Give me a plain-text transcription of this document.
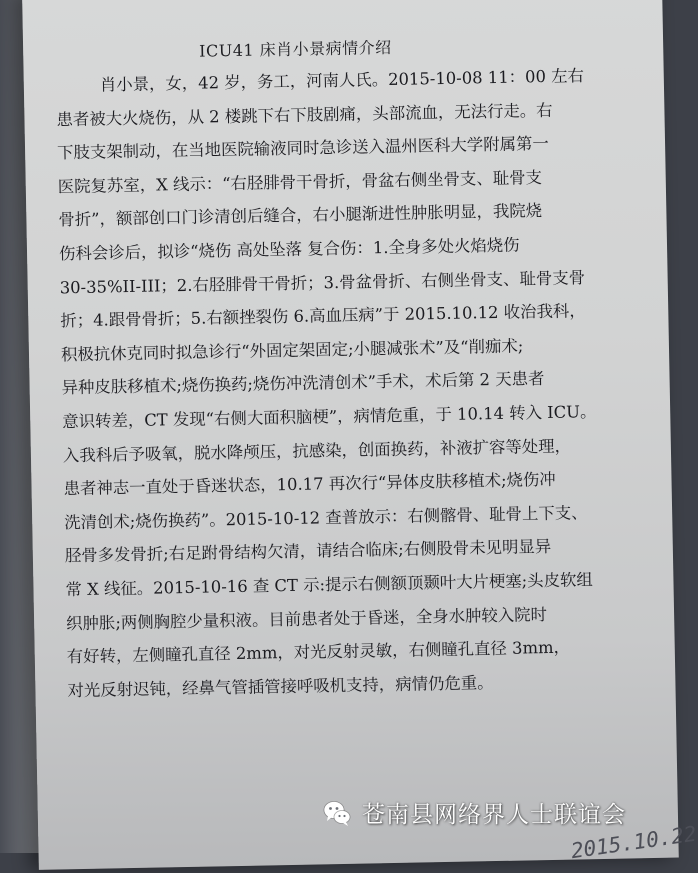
ICU41 床肖小景病情介绍
肖小景，女，42 岁，务工，河南人氏。2015-10-08 11：00 左右
患者被大火烧伤，从 2 楼跳下右下肢剧痛，头部流血，无法行走。右
下肢支架制动，在当地医院输液同时急诊送入温州医科大学附属第一
医院复苏室，X 线示：“右胫腓骨干骨折，骨盆右侧坐骨支、耻骨支
骨折”，额部创口门诊清创后缝合，右小腿渐进性肿胀明显，我院烧
伤科会诊后，拟诊“烧伤 高处坠落 复合伤：1.全身多处火焰烧伤
30-35%II-III；2.右胫腓骨干骨折；3.骨盆骨折、右侧坐骨支、耻骨支骨
折；4.跟骨骨折；5.右额挫裂伤 6.高血压病”于 2015.10.12 收治我科，
积极抗休克同时拟急诊行“外固定架固定;小腿减张术”及“削痂术;
异种皮肤移植术;烧伤换药;烧伤冲洗清创术”手术，术后第 2 天患者
意识转差，CT 发现“右侧大面积脑梗”，病情危重，于 10.14 转入 ICU。
入我科后予吸氧，脱水降颅压，抗感染，创面换药，补液扩容等处理，
患者神志一直处于昏迷状态，10.17 再次行“异体皮肤移植术;烧伤冲
洗清创术;烧伤换药”。2015-10-12 查普放示：右侧髂骨、耻骨上下支、
胫骨多发骨折;右足跗骨结构欠清，请结合临床;右侧股骨未见明显异
常 X 线征。2015-10-16 查 CT 示:提示右侧额顶颞叶大片梗塞;头皮软组
织肿胀;两侧胸腔少量积液。目前患者处于昏迷，全身水肿较入院时
有好转，左侧瞳孔直径 2mm，对光反射灵敏，右侧瞳孔直径 3mm，
对光反射迟钝，经鼻气管插管接呼吸机支持，病情仍危重。
2015.10.22
苍南县网络界人士联谊会
